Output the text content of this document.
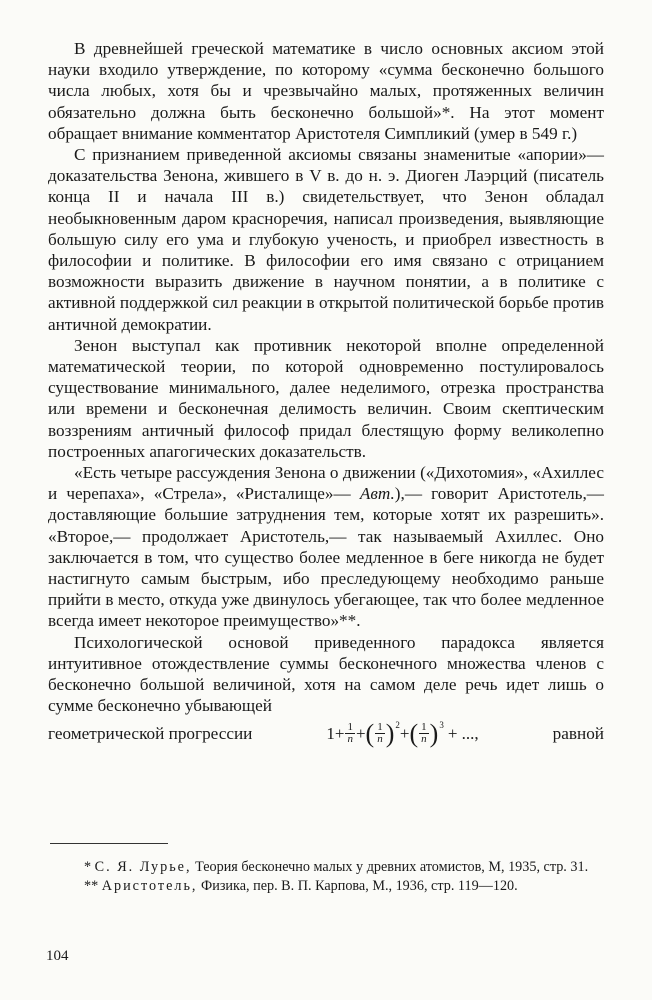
В древнейшей греческой математике в число основных аксиом этой науки входило утверждение, по которому «сумма бесконечно большого числа любых, хотя бы и чрезвычайно малых, протяженных величин обязательно должна быть бесконечно большой»*. На этот момент обращает внимание комментатор Аристотеля Симпликий (умер в 549 г.)

С признанием приведенной аксиомы связаны знаменитые «апории»— доказательства Зенона, жившего в V в. до н. э. Диоген Лаэрций (писатель конца II и начала III в.) свидетельствует, что Зенон обладал необыкновенным даром красноречия, написал произведения, выявляющие большую силу его ума и глубокую ученость, и приобрел известность в философии и политике. В философии его имя связано с отрицанием возможности выразить движение в научном понятии, а в политике с активной поддержкой сил реакции в открытой политической борьбе против античной демократии.

Зенон выступал как противник некоторой вполне определенной математической теории, по которой одновременно постулировалось существование минимального, далее неделимого, отрезка пространства или времени и бесконечная делимость величин. Своим скептическим воззрениям античный философ придал блестящую форму великолепно построенных апагогических доказательств.

«Есть четыре рассуждения Зенона о движении («Дихотомия», «Ахиллес и черепаха», «Стрела», «Ристалище»— Авт.),— говорит Аристотель,— доставляющие большие затруднения тем, которые хотят их разрешить». «Второе,— продолжает Аристотель,— так называемый Ахиллес. Оно заключается в том, что существо более медленное в беге никогда не будет настигнуто самым быстрым, ибо преследующему необходимо раньше прийти в место, откуда уже двинулось убегающее, так что более медленное всегда имеет некоторое преимущество»**.

Психологической основой приведенного парадокса является интуитивное отождествление суммы бесконечного множества членов с бесконечно большой величиной, хотя на самом деле речь идет лишь о сумме бесконечно убывающей

геометрической прогрессии	$1 + \frac{1}{n}$ + ( $\frac{1}{n}$ ) 2 + ( $\frac{1}{n}$ ) 3 + ...,	равной

* С. Я. Лурье, Теория бесконечно малых у древних атомистов, М, 1935, стр. 31.

** Аристотель, Физика, пер. В. П. Карпова, М., 1936, стр. 119—120.

104
